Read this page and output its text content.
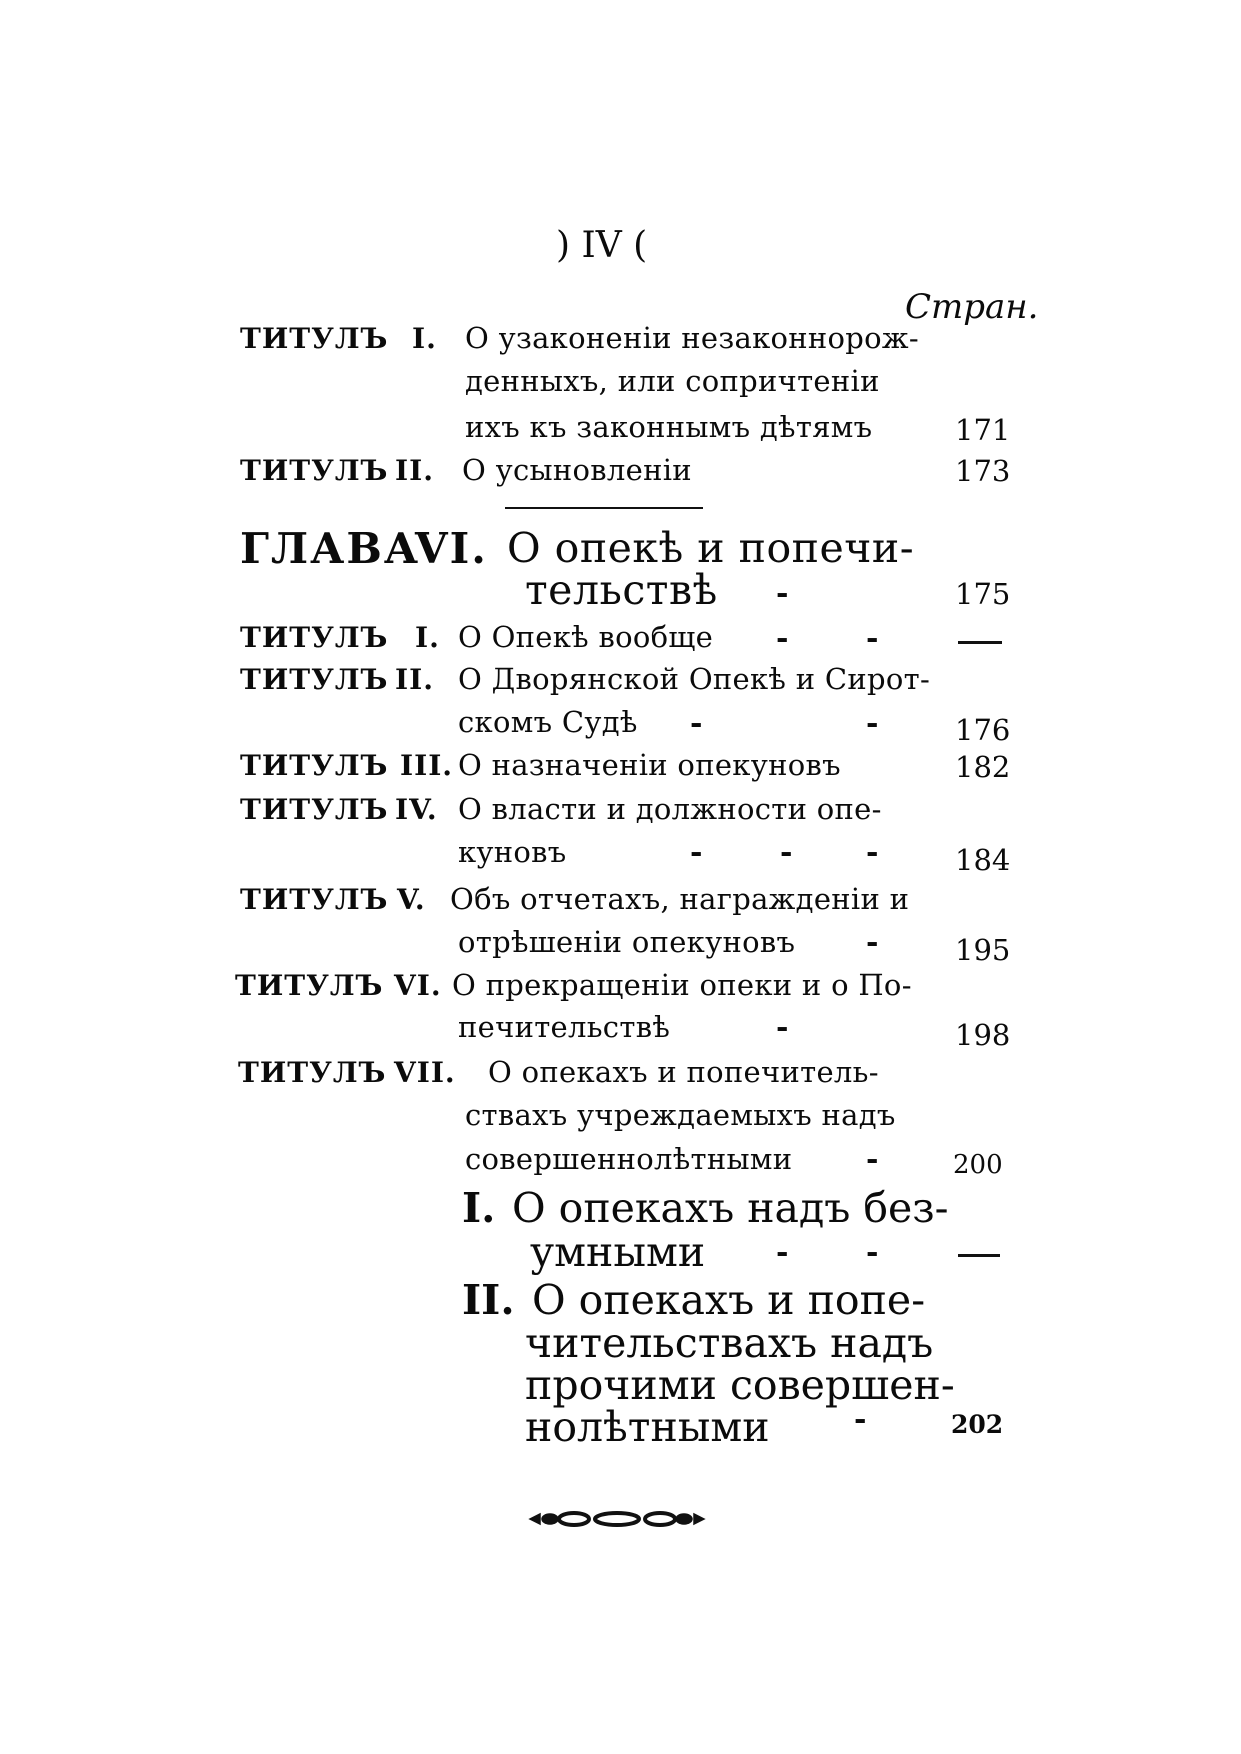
) IV (
Стран.
ТИТУЛЪ I. О узаконеніи незаконнорож-
денныхъ, или сопричтеніи
ихъ къ законнымъ дѣтямъ	171
ТИТУЛЪ II. О усыновленіи	173
ГЛАВА
VI. О опекѣ и попечи-
тельствѣ -	175
ТИТУЛЪ I. О Опекѣ вообще -	-
ТИТУЛЪ II. О Дворянской Опекѣ и Сирот-
скомъ Судѣ -	-	176
ТИТУЛЪ III. О назначеніи опекуновъ	182
ТИТУЛЪ IV. О власти и должности опе-
куновъ	-	- -	184
ТИТУЛЪ V. Объ отчетахъ, награжденіи и
отрѣшеніи опекуновъ -	195
ТИТУЛЪ VI. О прекращеніи опеки и о По-
печительствѣ	-	198
ТИТУЛЪ VII. О опекахъ и попечитель-
ствахъ учреждаемыхъ надъ
совершеннолѣтными -	200
I. О опекахъ надъ без-
умными -	-
II. О опекахъ и попе-
чительствахъ надъ
прочими совершен-
нолѣтными	-	202
